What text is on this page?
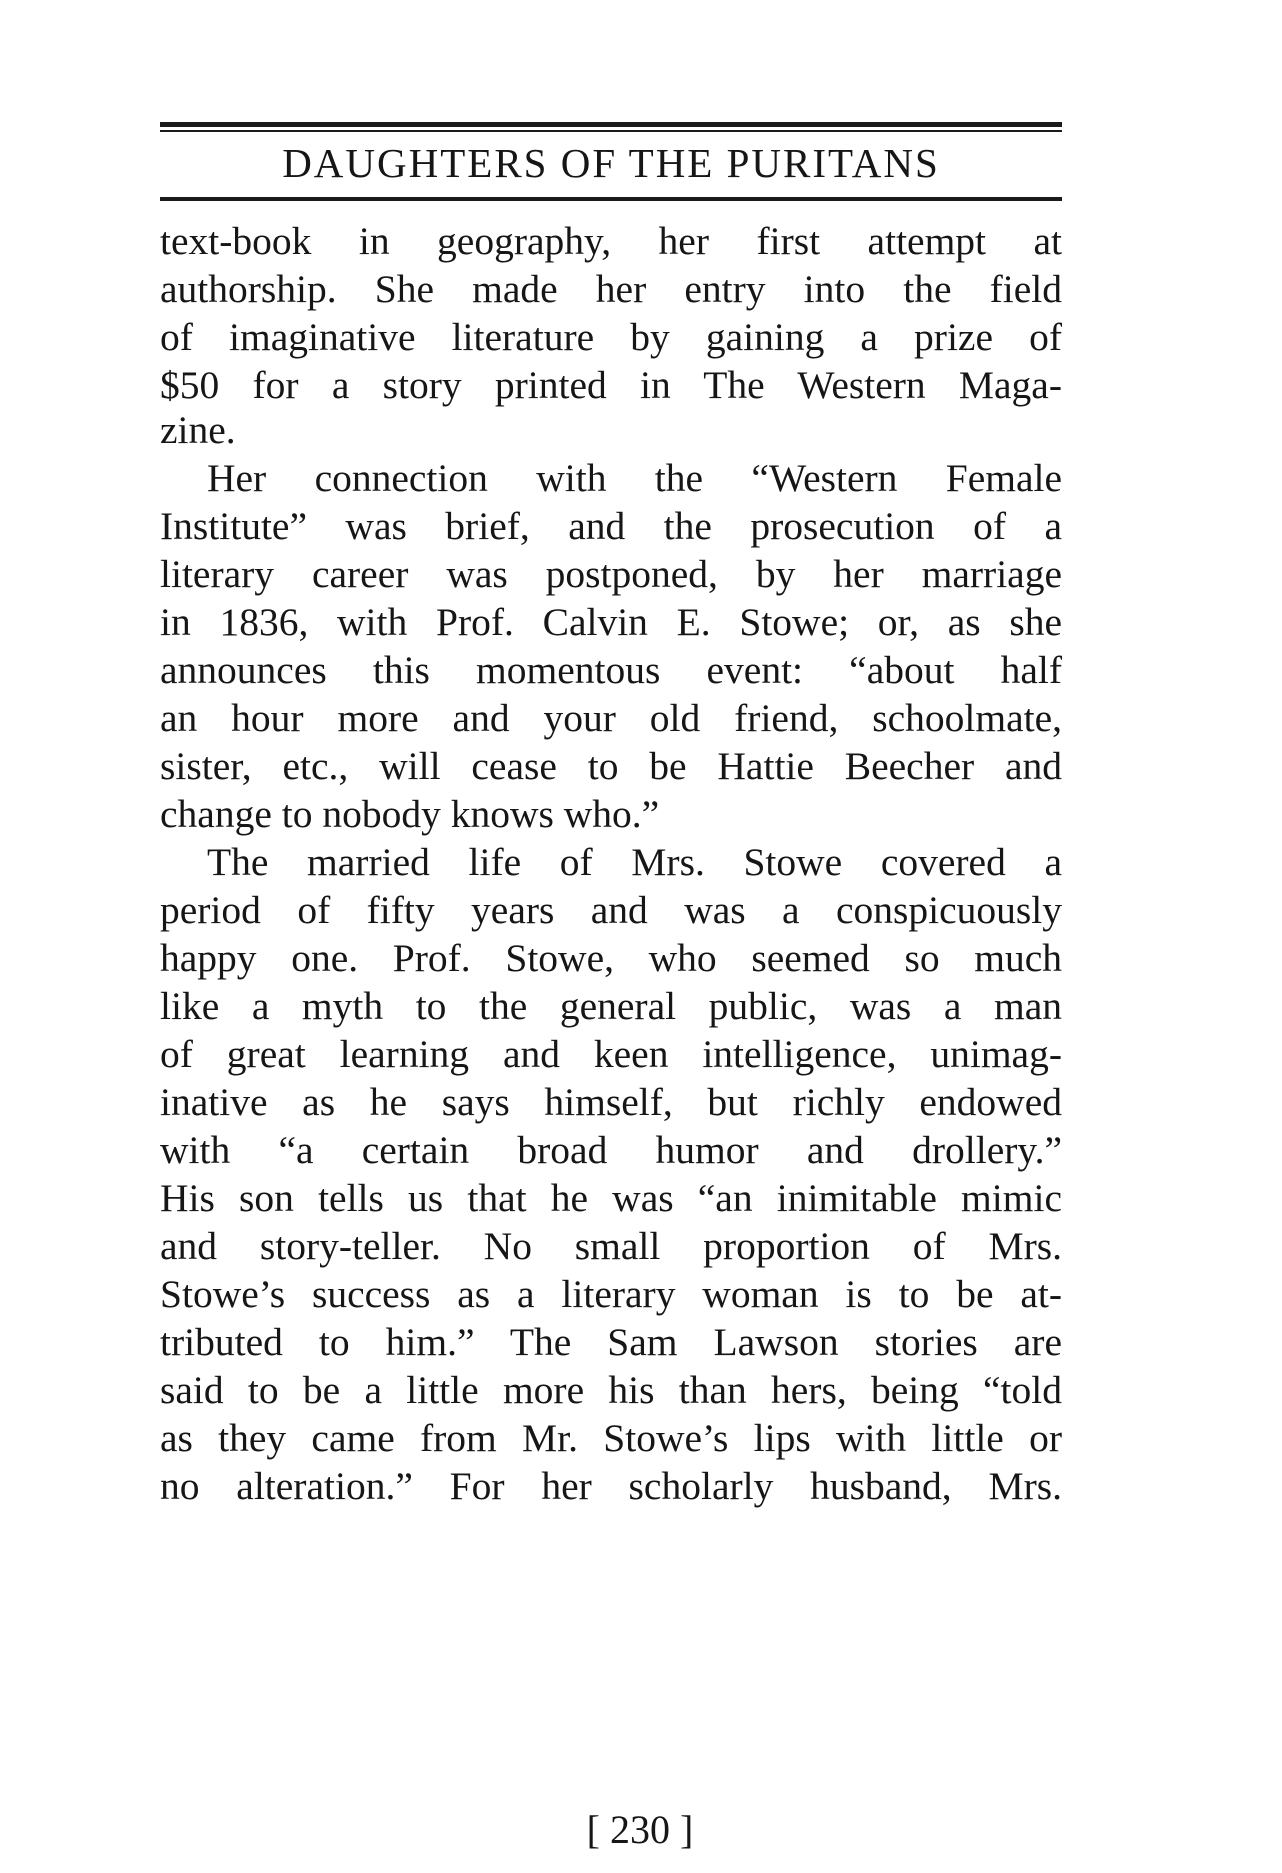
DAUGHTERS OF THE PURITANS
text-book in geography, her first attempt at
authorship. She made her entry into the field
of imaginative literature by gaining a prize of
$50 for a story printed in The Western Maga-
zine.
Her connection with the “Western Female
Institute” was brief, and the prosecution of a
literary career was postponed, by her marriage
in 1836, with Prof. Calvin E. Stowe; or, as she
announces this momentous event: “about half
an hour more and your old friend, schoolmate,
sister, etc., will cease to be Hattie Beecher and
change to nobody knows who.”
The married life of Mrs. Stowe covered a
period of fifty years and was a conspicuously
happy one. Prof. Stowe, who seemed so much
like a myth to the general public, was a man
of great learning and keen intelligence, unimag-
inative as he says himself, but richly endowed
with “a certain broad humor and drollery.”
His son tells us that he was “an inimitable mimic
and story-teller. No small proportion of Mrs.
Stowe’s success as a literary woman is to be at-
tributed to him.” The Sam Lawson stories are
said to be a little more his than hers, being “told
as they came from Mr. Stowe’s lips with little or
no alteration.” For her scholarly husband, Mrs.
[ 230 ]
